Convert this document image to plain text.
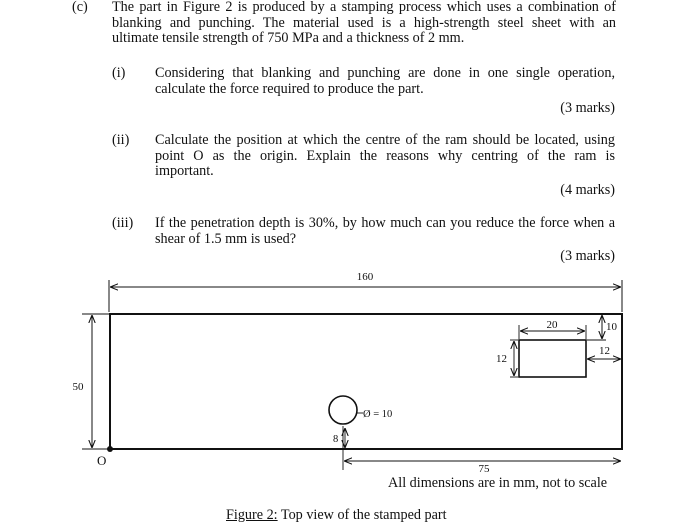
(c) The part in Figure 2 is produced by a stamping process which uses a combination of
blanking and punching. The material used is a high-strength steel sheet with an
ultimate tensile strength of 750 MPa and a thickness of 2 mm.
(i) Considering that blanking and punching are done in one single operation,
calculate the force required to produce the part.
(3 marks)
(ii) Calculate the position at which the centre of the ram should be located, using
point O as the origin. Explain the reasons why centring of the ram is
important.
(4 marks)
(iii) If the penetration depth is 30%, by how much can you reduce the force when a
shear of 1.5 mm is used?
(3 marks)
160
50
O
20	10
12
12
Ø = 10
8
75
All dimensions are in mm, not to scale
Figure 2: Top view of the stamped part
